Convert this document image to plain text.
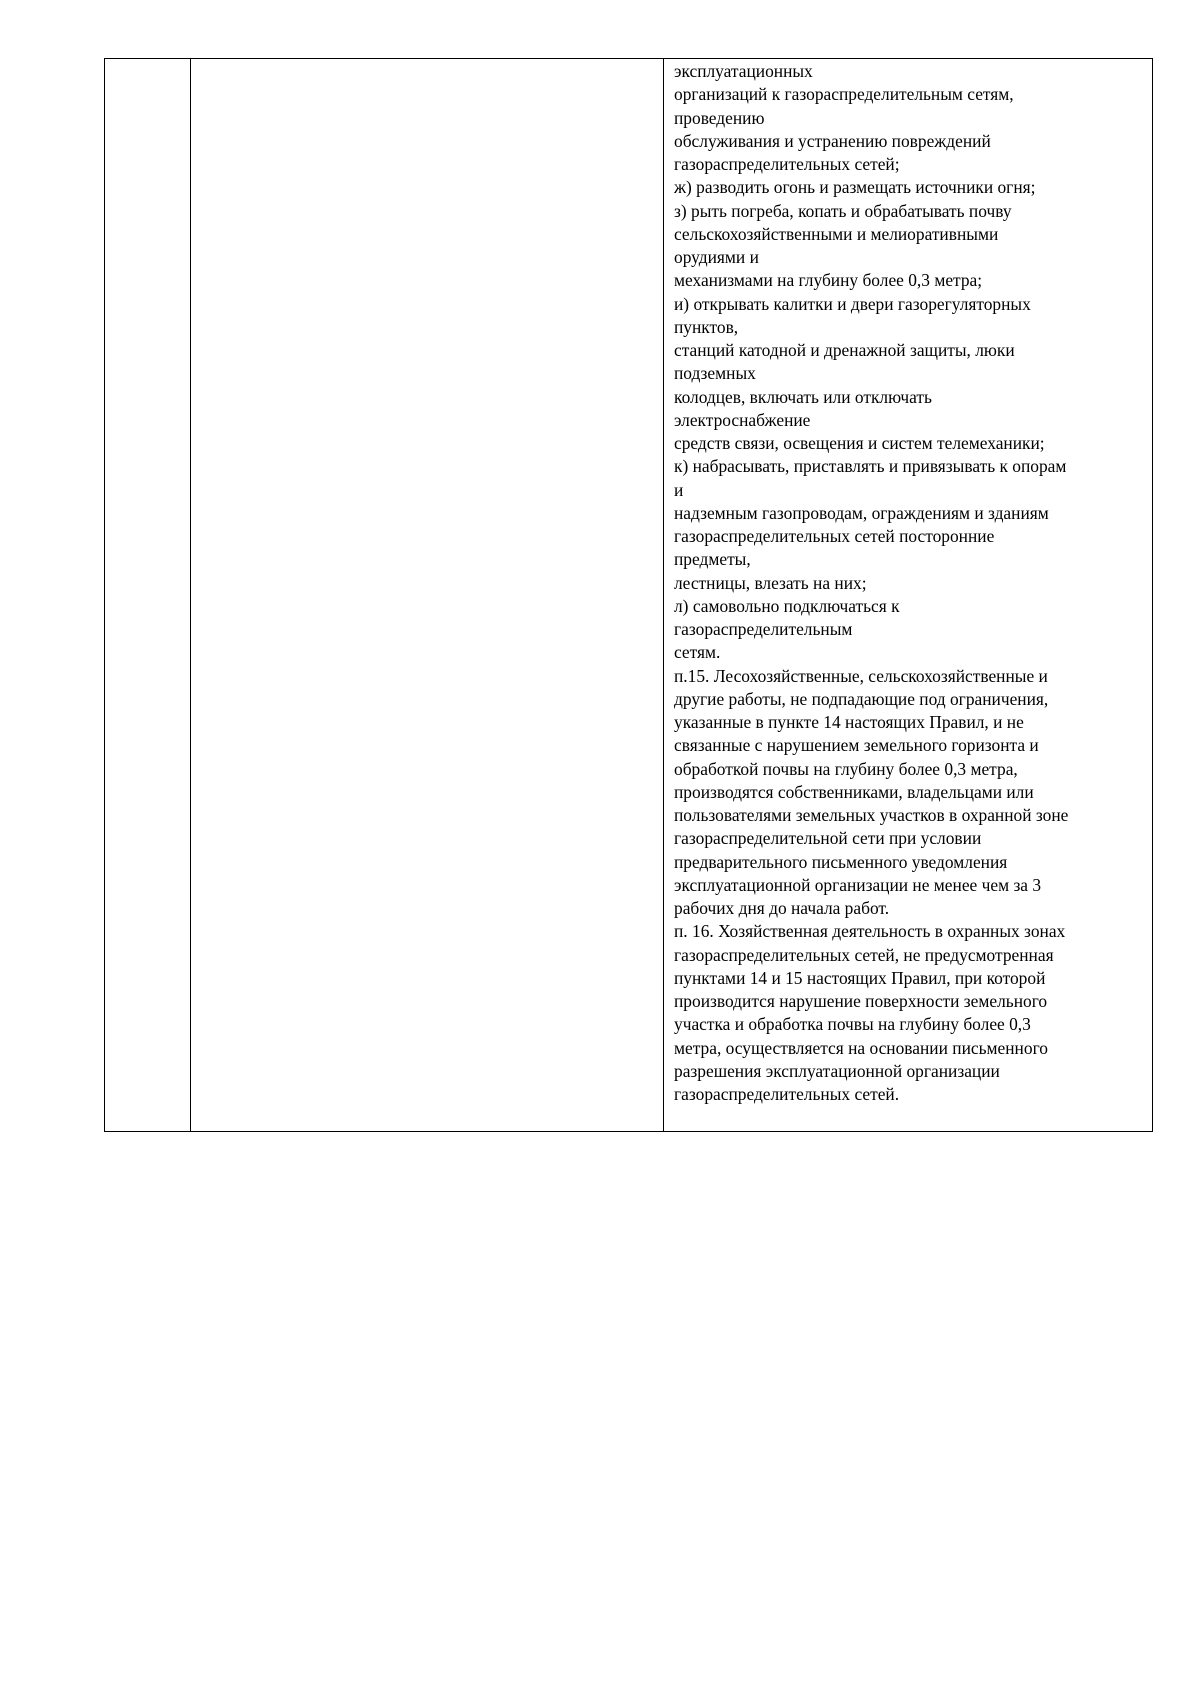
эксплуатационных
организаций к газораспределительным сетям,
проведению
обслуживания и устранению повреждений
газораспределительных сетей;
ж) разводить огонь и размещать источники огня;
з) рыть погреба, копать и обрабатывать почву
сельскохозяйственными и мелиоративными
орудиями и
механизмами на глубину более 0,3 метра;
и) открывать калитки и двери газорегуляторных
пунктов,
станций катодной и дренажной защиты, люки
подземных
колодцев, включать или отключать
электроснабжение
средств связи, освещения и систем телемеханики;
к) набрасывать, приставлять и привязывать к опорам
и
надземным газопроводам, ограждениям и зданиям
газораспределительных сетей посторонние
предметы,
лестницы, влезать на них;
л) самовольно подключаться к
газораспределительным
сетям.
п.15. Лесохозяйственные, сельскохозяйственные и
другие работы, не подпадающие под ограничения,
указанные в пункте 14 настоящих Правил, и не
связанные с нарушением земельного горизонта и
обработкой почвы на глубину более 0,3 метра,
производятся собственниками, владельцами или
пользователями земельных участков в охранной зоне
газораспределительной сети при условии
предварительного письменного уведомления
эксплуатационной организации не менее чем за 3
рабочих дня до начала работ.
п. 16. Хозяйственная деятельность в охранных зонах
газораспределительных сетей, не предусмотренная
пунктами 14 и 15 настоящих Правил, при которой
производится нарушение поверхности земельного
участка и обработка почвы на глубину более 0,3
метра, осуществляется на основании письменного
разрешения эксплуатационной организации
газораспределительных сетей.
